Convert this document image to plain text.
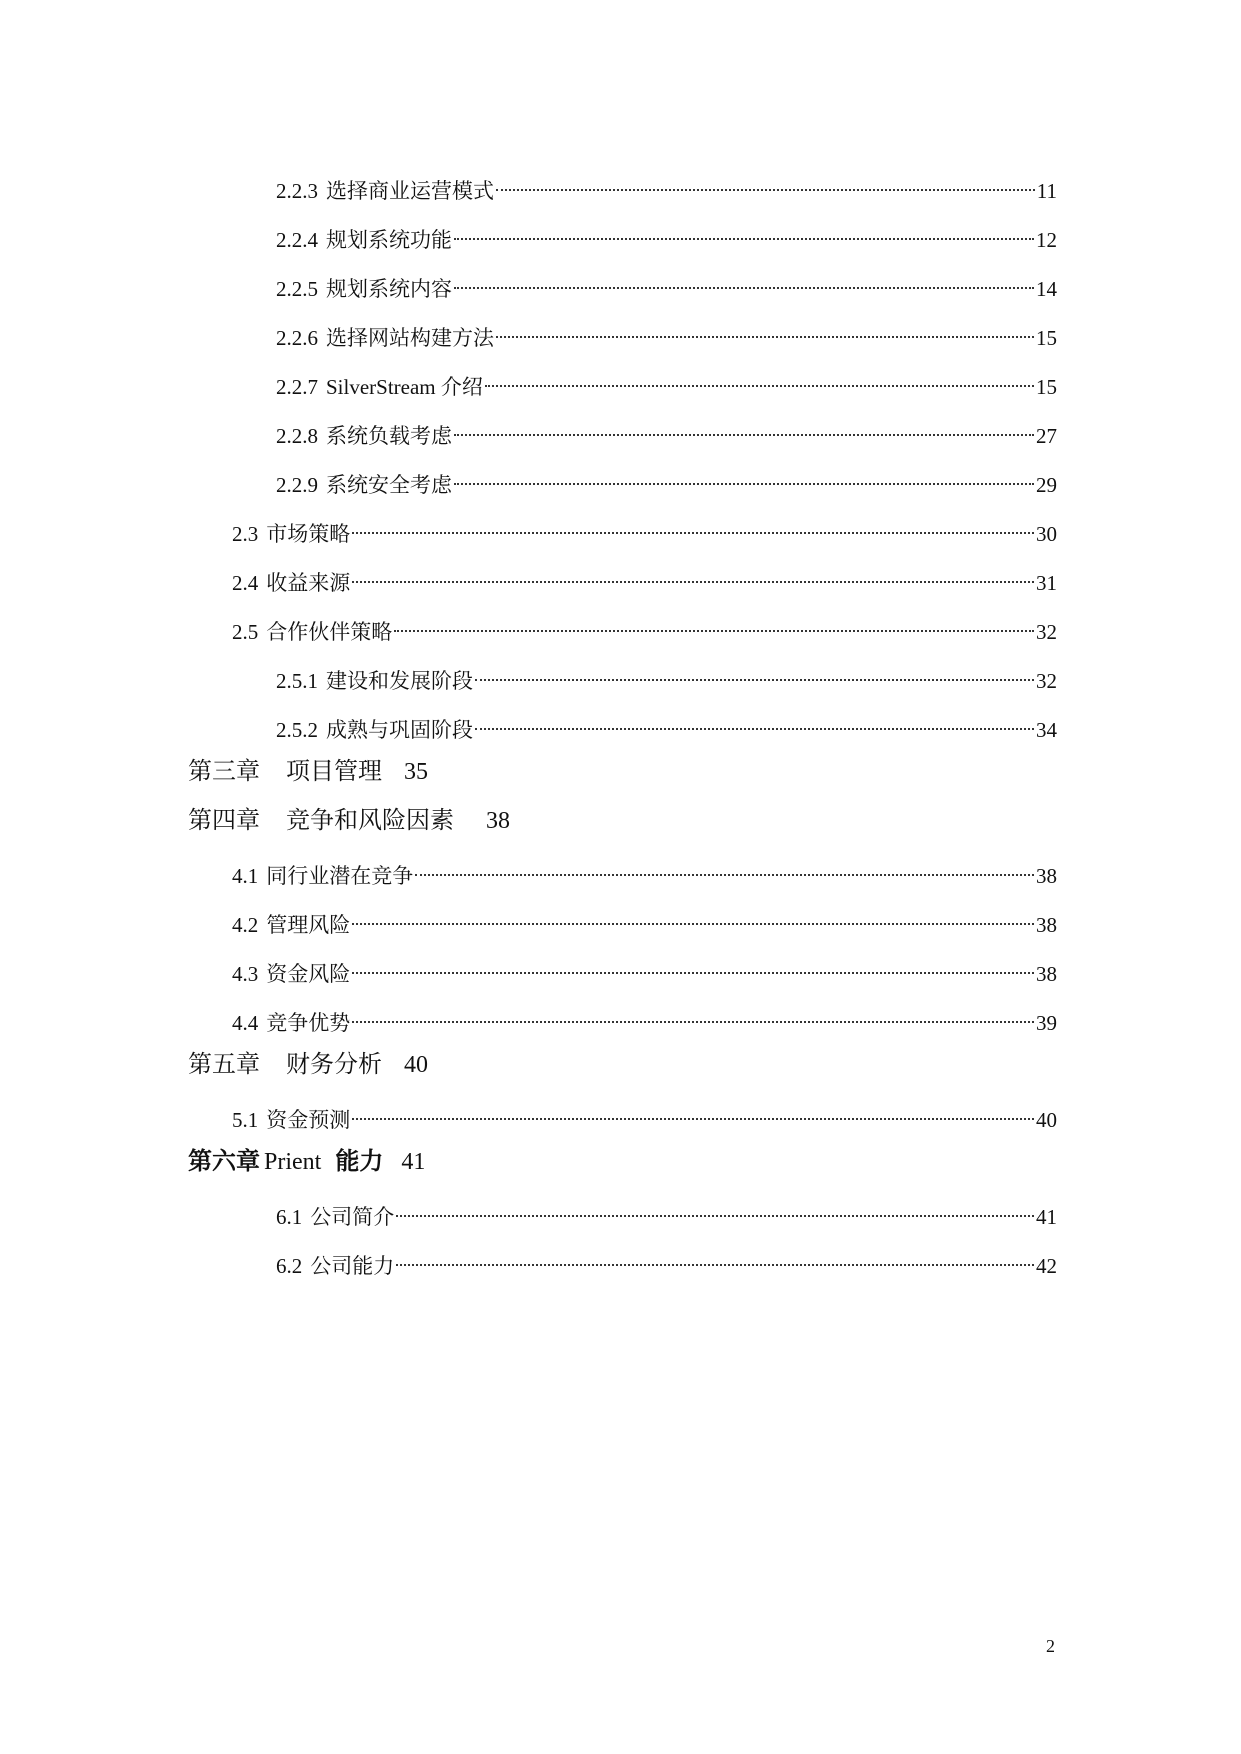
2.2.3 选择商业运营模式	11
2.2.4 规划系统功能	12
2.2.5 规划系统内容	14
2.2.6 选择网站构建方法	15
2.2.7 SilverStream 介绍	15
2.2.8 系统负载考虑	27
2.2.9 系统安全考虑	29
2.3 市场策略	30
2.4 收益来源	31
2.5 合作伙伴策略	32
2.5.1 建设和发展阶段	32
2.5.2 成熟与巩固阶段	34
第三章 项目管理 35
第四章 竞争和风险因素 38
4.1 同行业潜在竞争	38
4.2 管理风险	38
4.3 资金风险	38
4.4 竞争优势	39
第五章 财务分析 40
5.1 资金预测	40
第六章 Prient 能力 41
6.1 公司简介	41
6.2 公司能力	42
2
